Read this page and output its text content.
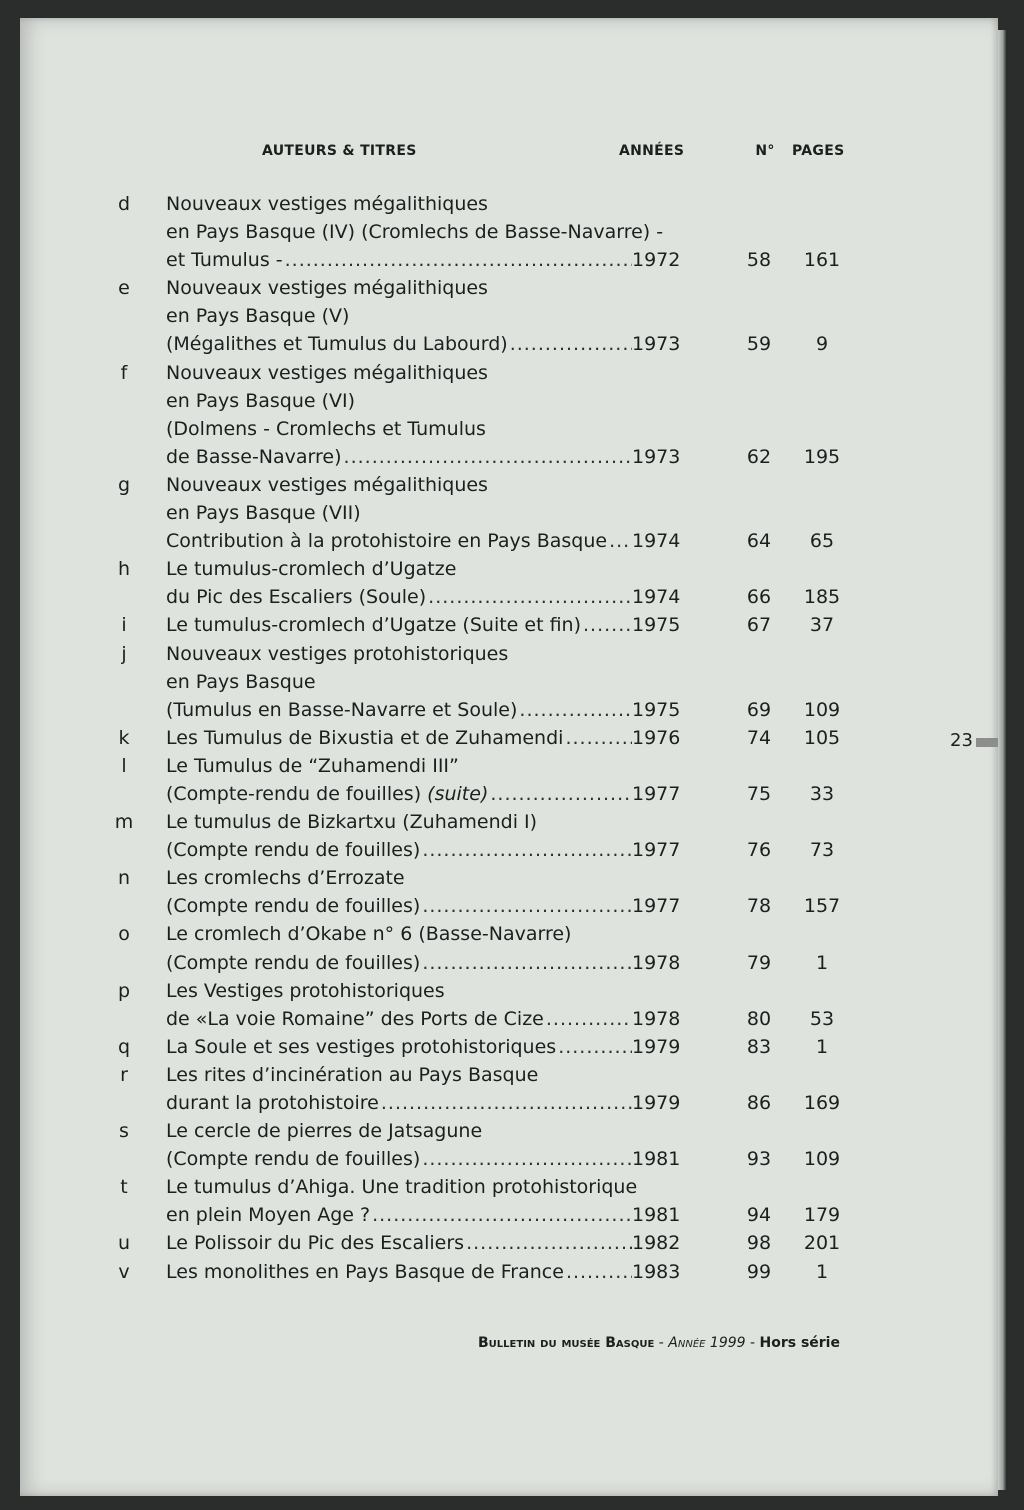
AUTEURS & TITRES	ANNÉES	N°	PAGES
d Nouveaux vestiges mégalithiques
en Pays Basque (IV) (Cromlechs de Basse-Navarre) -
et Tumulus - .....	1972	58	161
e Nouveaux vestiges mégalithiques
en Pays Basque (V)
(Mégalithes et Tumulus du Labourd) .....	1973	59	9
f	Nouveaux vestiges mégalithiques
en Pays Basque (VI)
(Dolmens - Cromlechs et Tumulus
de Basse-Navarre) .....	1973	62	195
g Nouveaux vestiges mégalithiques
en Pays Basque (VII)
Contribution à la protohistoire en Pays Basque ..... 1974	64	65
h Le tumulus-cromlech d’Ugatze
du Pic des Escaliers (Soule) .....	1974	66	185
i	Le tumulus-cromlech d’Ugatze (Suite et fin) .....	1975	67	37
j	Nouveaux vestiges protohistoriques
en Pays Basque
(Tumulus en Basse-Navarre et Soule) .....	1975	69	109
k Les Tumulus de Bixustia et de Zuhamendi .....	1976	74	105
l	Le Tumulus de “Zuhamendi III”
(Compte-rendu de fouilles)
(suite) .....	1977	75	33
m Le tumulus de Bizkartxu (Zuhamendi I)
(Compte rendu de fouilles) .....	1977	76	73
n Les cromlechs d’Errozate
(Compte rendu de fouilles) .....	1977	78	157
o Le cromlech d’Okabe n° 6 (Basse-Navarre)
(Compte rendu de fouilles) .....	1978	79	1
p Les Vestiges protohistoriques
de «La voie Romaine” des Ports de Cize .....	1978	80	53
q La Soule et ses vestiges protohistoriques .....	1979	83	1
r	Les rites d’incinération au Pays Basque
durant la protohistoire .....	1979	86	169
s Le cercle de pierres de Jatsagune
(Compte rendu de fouilles) .....	1981	93	109
t	Le tumulus d’Ahiga. Une tradition protohistorique
en plein Moyen Age ? .....	1981	94	179
u Le Polissoir du Pic des Escaliers .....	1982	98	201
v Les monolithes en Pays Basque de France .....	1983	99	1
23
Bulletin du musée Basque - Année 1999 - Hors série
